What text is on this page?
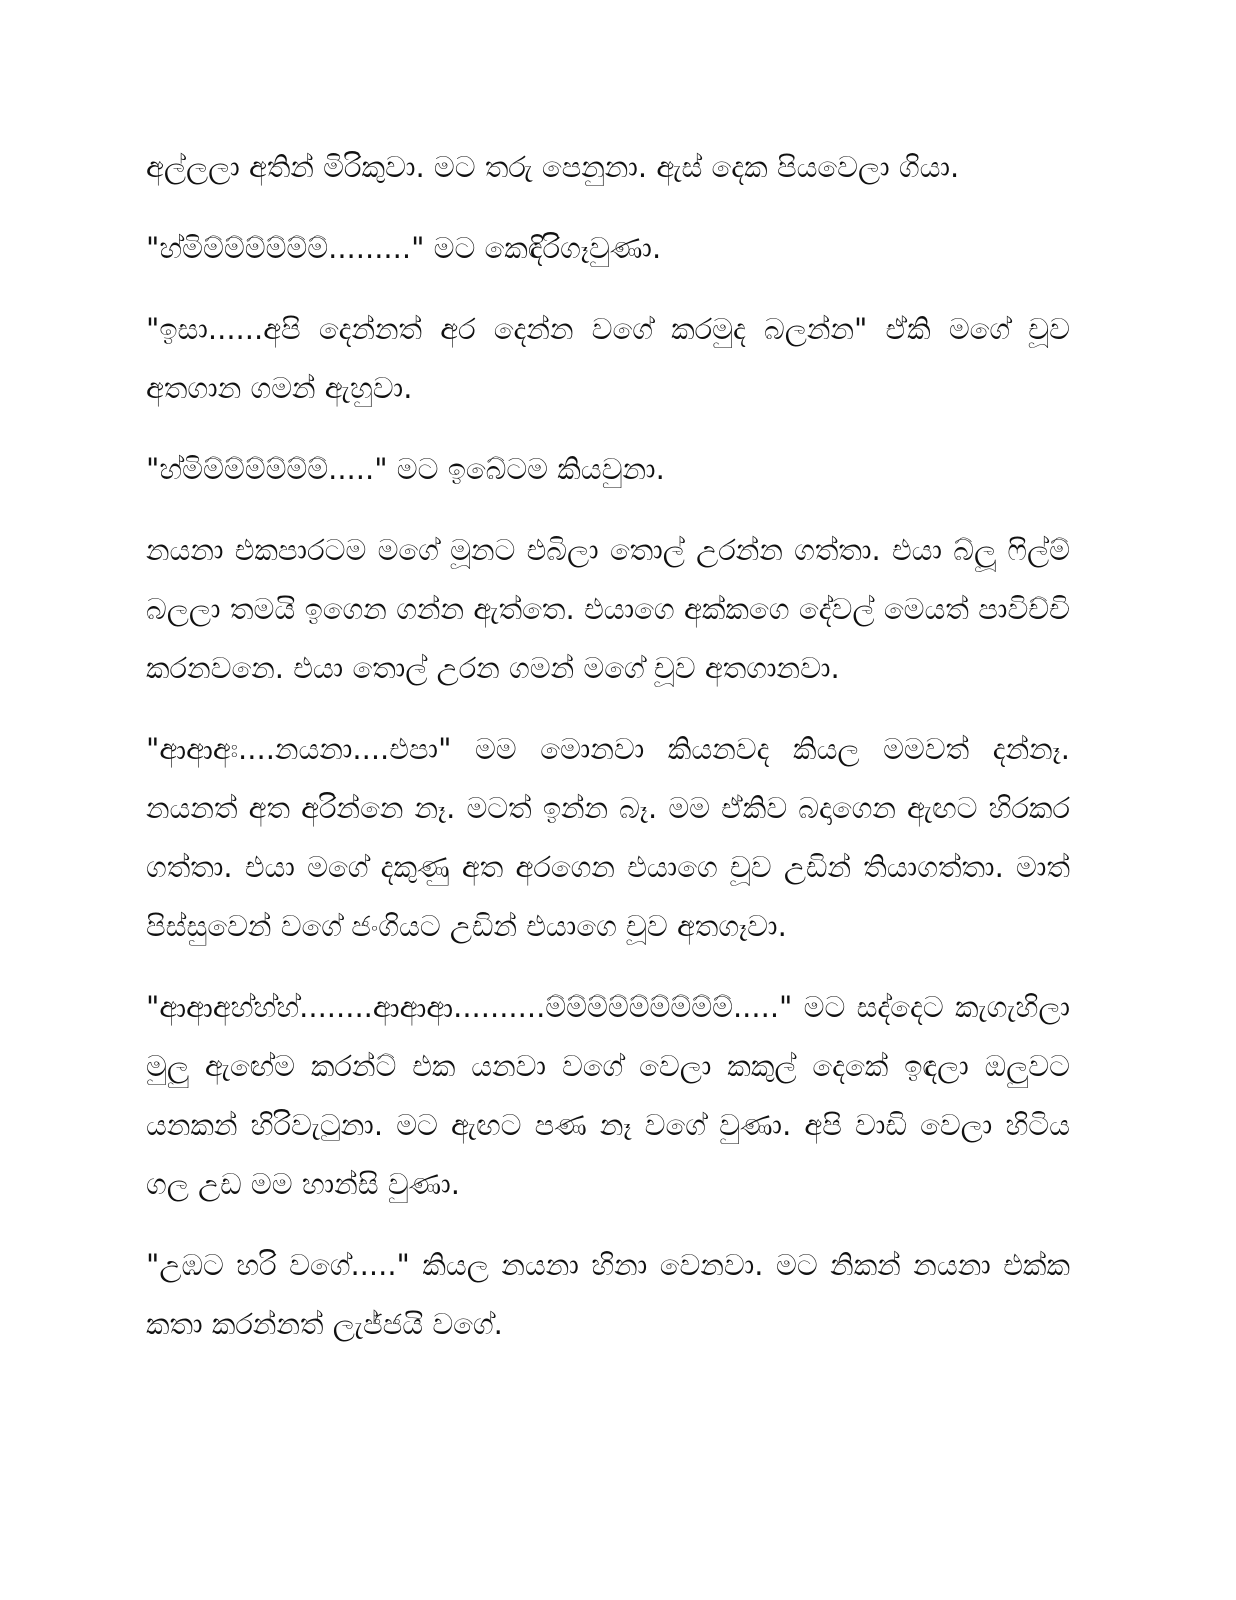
අල්ලලා අතින් මිරිකුවා. මට තරු පෙනුනා. ඇස් දෙක පියවෙලා ගියා.

"හ්මිම්ම්ම්ම්ම්ම්........." මට කෙඳිරිගෑවුණා.

"ඉසා......අපි දෙන්නත් අර දෙන්න වගේ කරමුද බලන්න" ඒකි මගේ චූව අතගාන ගමන් ඇහුවා.

"හ්මිම්ම්ම්ම්ම්ම්....." මට ඉබේටම කියවුනා.

නයනා එකපාරටම මගේ මූනට එබිලා තොල් උරන්න ගත්තා. එයා බ්ලූ ෆිල්ම් බලලා තමයි ඉගෙන ගන්න ඇත්තෙ. එයාගෙ අක්කගෙ දේවල් මෙයත් පාවිච්චි කරනවනෙ. එයා තොල් උරන ගමන් මගේ චූව අතගානවා.

"ආආඅඃ....නයනා....එපා" මම මොනවා කියනවද කියල මමවත් දන්නෑ. නයනත් අත අරින්නෙ නෑ. මටත් ඉන්න බෑ. මම ඒකිව බදාගෙන ඇඟට හිරකර ගත්තා. එයා මගේ දකුණු අත අරගෙන එයාගෙ චූව උඩින් තියාගත්තා. මාත් පිස්සුවෙන් වගේ ජංගියට උඩින් එයාගෙ චූව අතගෑවා.

"ආආඅහ්හ්හ්........ආආආ..........ම්ම්ම්ම්ම්ම්ම්ම්ම්....." මට සද්දෙට කැගැහිලා මුලු ඇඟේම කරන්ට් එක යනවා වගේ වෙලා කකුල් දෙකේ ඉඳලා ඔලුවට යනකන් හිරිවැටුනා. මට ඇඟට පණ නෑ වගේ වුණා. අපි වාඩි වෙලා හිටිය ගල උඩ මම හාන්සි වුණා.

"උඹට හරි වගේ....." කියල නයනා හිනා වෙනවා. මට නිකන් නයනා එක්ක කතා කරන්නත් ලැජ්ජයි වගේ.
